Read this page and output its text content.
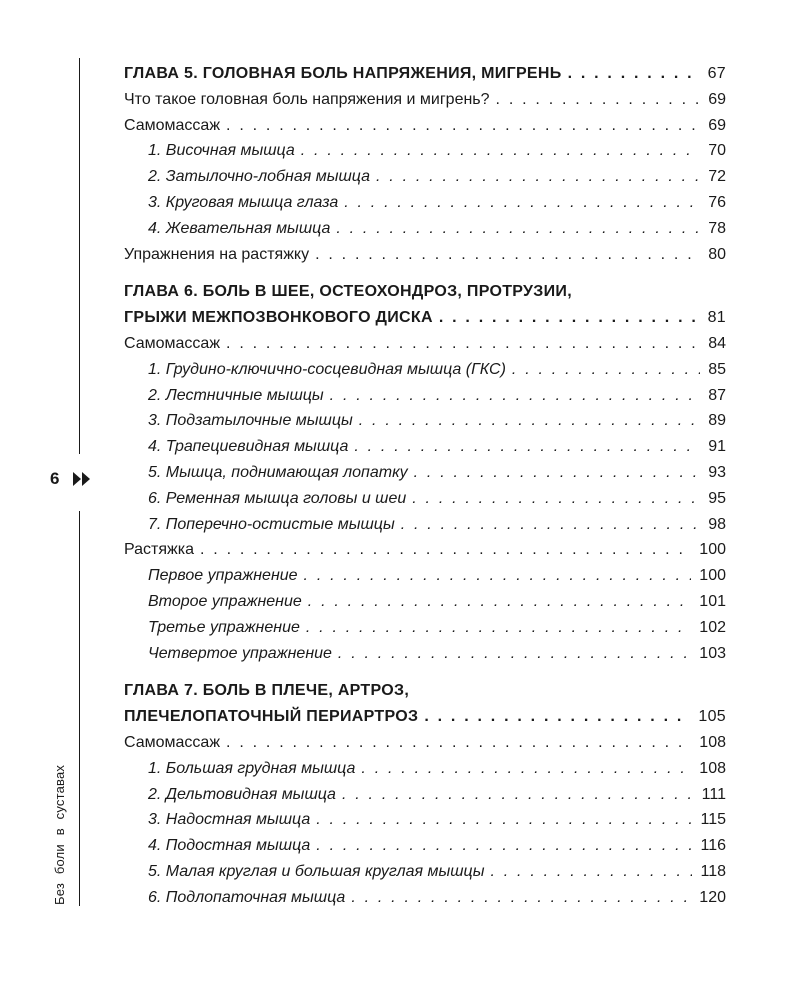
6
Без боли в суставах
ГЛАВА 5. ГОЛОВНАЯ БОЛЬ НАПРЯЖЕНИЯ, МИГРЕНЬ . . .	67
Что такое головная боль напряжения и мигрень? . . .	69
Самомассаж . . .	69
1. Височная мышца . . .	70
2. Затылочно-лобная мышца . . .	72
3. Круговая мышца глаза . . .	76
4. Жевательная мышца . . .	78
Упражнения на растяжку . . .	80
ГЛАВА 6. БОЛЬ В ШЕЕ, ОСТЕОХОНДРОЗ, ПРОТРУЗИИ,
ГРЫЖИ МЕЖПОЗВОНКОВОГО ДИСКА . . .	81
Самомассаж . . .	84
1. Грудино-ключично-сосцевидная мышца (ГКС) . . .	85
2. Лестничные мышцы . . .	87
3. Подзатылочные мышцы . . .	89
4. Трапециевидная мышца . . .	91
5. Мышца, поднимающая лопатку . . .	93
6. Ременная мышца головы и шеи . . .	95
7. Поперечно-остистые мышцы . . .	98
Растяжка . . .	100
Первое упражнение . . .	100
Второе упражнение . . .	101
Третье упражнение . . .	102
Четвертое упражнение . . .	103
ГЛАВА 7. БОЛЬ В ПЛЕЧЕ, АРТРОЗ,
ПЛЕЧЕЛОПАТОЧНЫЙ ПЕРИАРТРОЗ . . .	105
Самомассаж . . .	108
1. Большая грудная мышца . . .	108
2. Дельтовидная мышца . . .	111
3. Надостная мышца . . .	115
4. Подостная мышца . . .	116
5. Малая круглая и большая круглая мышцы . . .	118
6. Подлопаточная мышца . . .	120
